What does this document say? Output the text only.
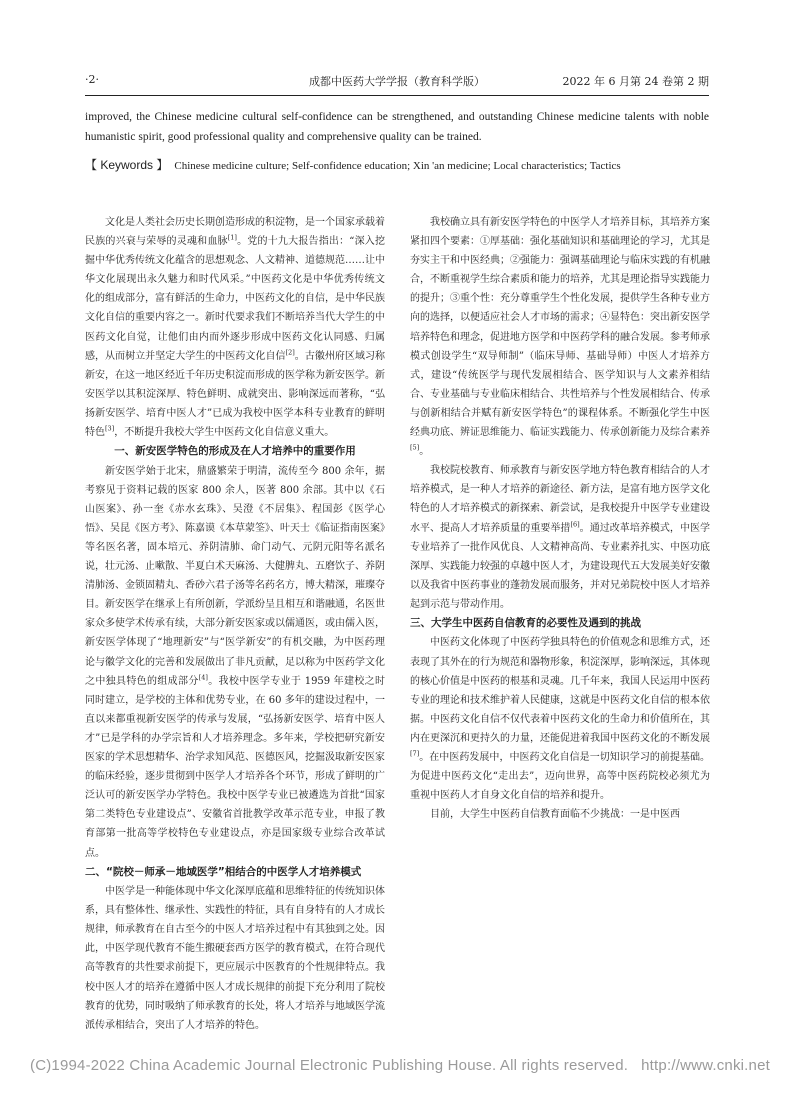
·2·	成都中医药大学学报（教育科学版）	2022 年 6 月第 24 卷第 2 期

improved, the Chinese medicine cultural self-confidence can be strengthened, and outstanding Chinese medicine talents with noble humanistic spirit, good professional quality and comprehensive quality can be trained.

【 Keywords 】 Chinese medicine culture; Self-confidence education; Xin 'an medicine; Local characteristics; Tactics

文化是人类社会历史长期创造形成的积淀物，是一个国家承载着民族的兴衰与荣辱的灵魂和血脉[1]。党的十九大报告指出：“深入挖掘中华优秀传统文化蕴含的思想观念、人文精神、道德规范……让中华文化展现出永久魅力和时代风采。”中医药文化是中华优秀传统文化的组成部分，富有鲜活的生命力，中医药文化的自信，是中华民族文化自信的重要内容之一。新时代要求我们不断培养当代大学生的中医药文化自觉，让他们由内而外逐步形成中医药文化认同感、归属感，从而树立并坚定大学生的中医药文化自信[2]。古徽州府区域习称新安，在这一地区经近千年历史积淀而形成的医学称为新安医学。新安医学以其积淀深厚、特色鲜明、成就突出、影响深远而著称，“弘扬新安医学、培育中医人才”已成为我校中医学本科专业教育的鲜明特色[3]，不断提升我校大学生中医药文化自信意义重大。

一、新安医学特色的形成及在人才培养中的重要作用

新安医学始于北宋，鼎盛繁荣于明清，流传至今 800 余年，据考察见于资料记载的医家 800 余人，医著 800 余部。其中以《石山医案》、孙一奎《赤水玄珠》、吴澄《不居集》、程国彭《医学心悟》、吴昆《医方考》、陈嘉谟《本草蒙筌》、叶天士《临证指南医案》等名医名著，固本培元、养阴清肺、命门动气、元阴元阳等名派名说，壮元汤、止嗽散、半夏白术天麻汤、大健脾丸、五磨饮子、养阴清肺汤、金锁固精丸、香砂六君子汤等名药名方，博大精深，璀璨夺目。新安医学在继承上有所创新，学派纷呈且相互和谐融通，名医世家众多使学术传承有续，大部分新安医家或以儒通医，或由儒入医，新安医学体现了“地理新安”与“医学新安”的有机交融，为中医药理论与徽学文化的完善和发展做出了非凡贡献，足以称为中医药学文化之中独具特色的组成部分[4]。我校中医学专业于 1959 年建校之时同时建立，是学校的主体和优势专业，在 60 多年的建设过程中，一直以来都重视新安医学的传承与发展，“弘扬新安医学、培育中医人才”已是学科的办学宗旨和人才培养理念。多年来，学校把研究新安医家的学术思想精华、治学求知风范、医德医风，挖掘汲取新安医家的临床经验，逐步贯彻到中医学人才培养各个环节，形成了鲜明的广泛认可的新安医学办学特色。我校中医学专业已被遴选为首批“国家第二类特色专业建设点”、安徽省首批教学改革示范专业，申报了教育部第一批高等学校特色专业建设点，亦是国家级专业综合改革试点。

二、“院校－师承－地域医学”相结合的中医学人才培养模式

中医学是一种能体现中华文化深厚底蕴和思维特征的传统知识体系，具有整体性、继承性、实践性的特征，具有自身特有的人才成长规律，师承教育在自古至今的中医人才培养过程中有其独到之处。因此，中医学现代教育不能生搬硬套西方医学的教育模式，在符合现代高等教育的共性要求前提下，更应展示中医教育的个性规律特点。我校中医人才的培养在遵循中医人才成长规律的前提下充分利用了院校教育的优势，同时吸纳了师承教育的长处，将人才培养与地域医学流派传承相结合，突出了人才培养的特色。

我校确立具有新安医学特色的中医学人才培养目标，其培养方案紧扣四个要素：①厚基础：强化基础知识和基础理论的学习，尤其是夯实主干和中医经典；②强能力：强调基础理论与临床实践的有机融合，不断重视学生综合素质和能力的培养，尤其是理论指导实践能力的提升；③重个性：充分尊重学生个性化发展，提供学生各种专业方向的选择，以便适应社会人才市场的需求；④显特色：突出新安医学培养特色和理念，促进地方医学和中医药学科的融合发展。参考师承模式创设学生“双导师制”（临床导师、基础导师）中医人才培养方式，建设“传统医学与现代发展相结合、医学知识与人文素养相结合、专业基础与专业临床相结合、共性培养与个性发展相结合、传承与创新相结合并赋有新安医学特色”的课程体系。不断强化学生中医经典功底、辨证思维能力、临证实践能力、传承创新能力及综合素养[5]。

我校院校教育、师承教育与新安医学地方特色教育相结合的人才培养模式，是一种人才培养的新途径、新方法，是富有地方医学文化特色的人才培养模式的新探索、新尝试，是我校提升中医学专业建设水平、提高人才培养质量的重要举措[6]。通过改革培养模式，中医学专业培养了一批作风优良、人文精神高尚、专业素养扎实、中医功底深厚、实践能力较强的卓越中医人才，为建设现代五大发展美好安徽以及我省中医药事业的蓬勃发展而服务，并对兄弟院校中医人才培养起到示范与带动作用。

三、大学生中医药自信教育的必要性及遇到的挑战

中医药文化体现了中医药学独具特色的价值观念和思维方式，还表现了其外在的行为规范和器物形象，积淀深厚，影响深远，其体现的核心价值是中医药的根基和灵魂。几千年来，我国人民运用中医药专业的理论和技术维护着人民健康，这就是中医药文化自信的根本依据。中医药文化自信不仅代表着中医药文化的生命力和价值所在，其内在更深沉和更持久的力量，还能促进着我国中医药文化的不断发展[7]。在中医药发展中，中医药文化自信是一切知识学习的前提基础。为促进中医药文化“走出去”，迈向世界，高等中医药院校必须尤为重视中医药人才自身文化自信的培养和提升。

目前，大学生中医药自信教育面临不少挑战：一是中医西

(C)1994-2022 China Academic Journal Electronic Publishing House. All rights reserved. http://www.cnki.net
